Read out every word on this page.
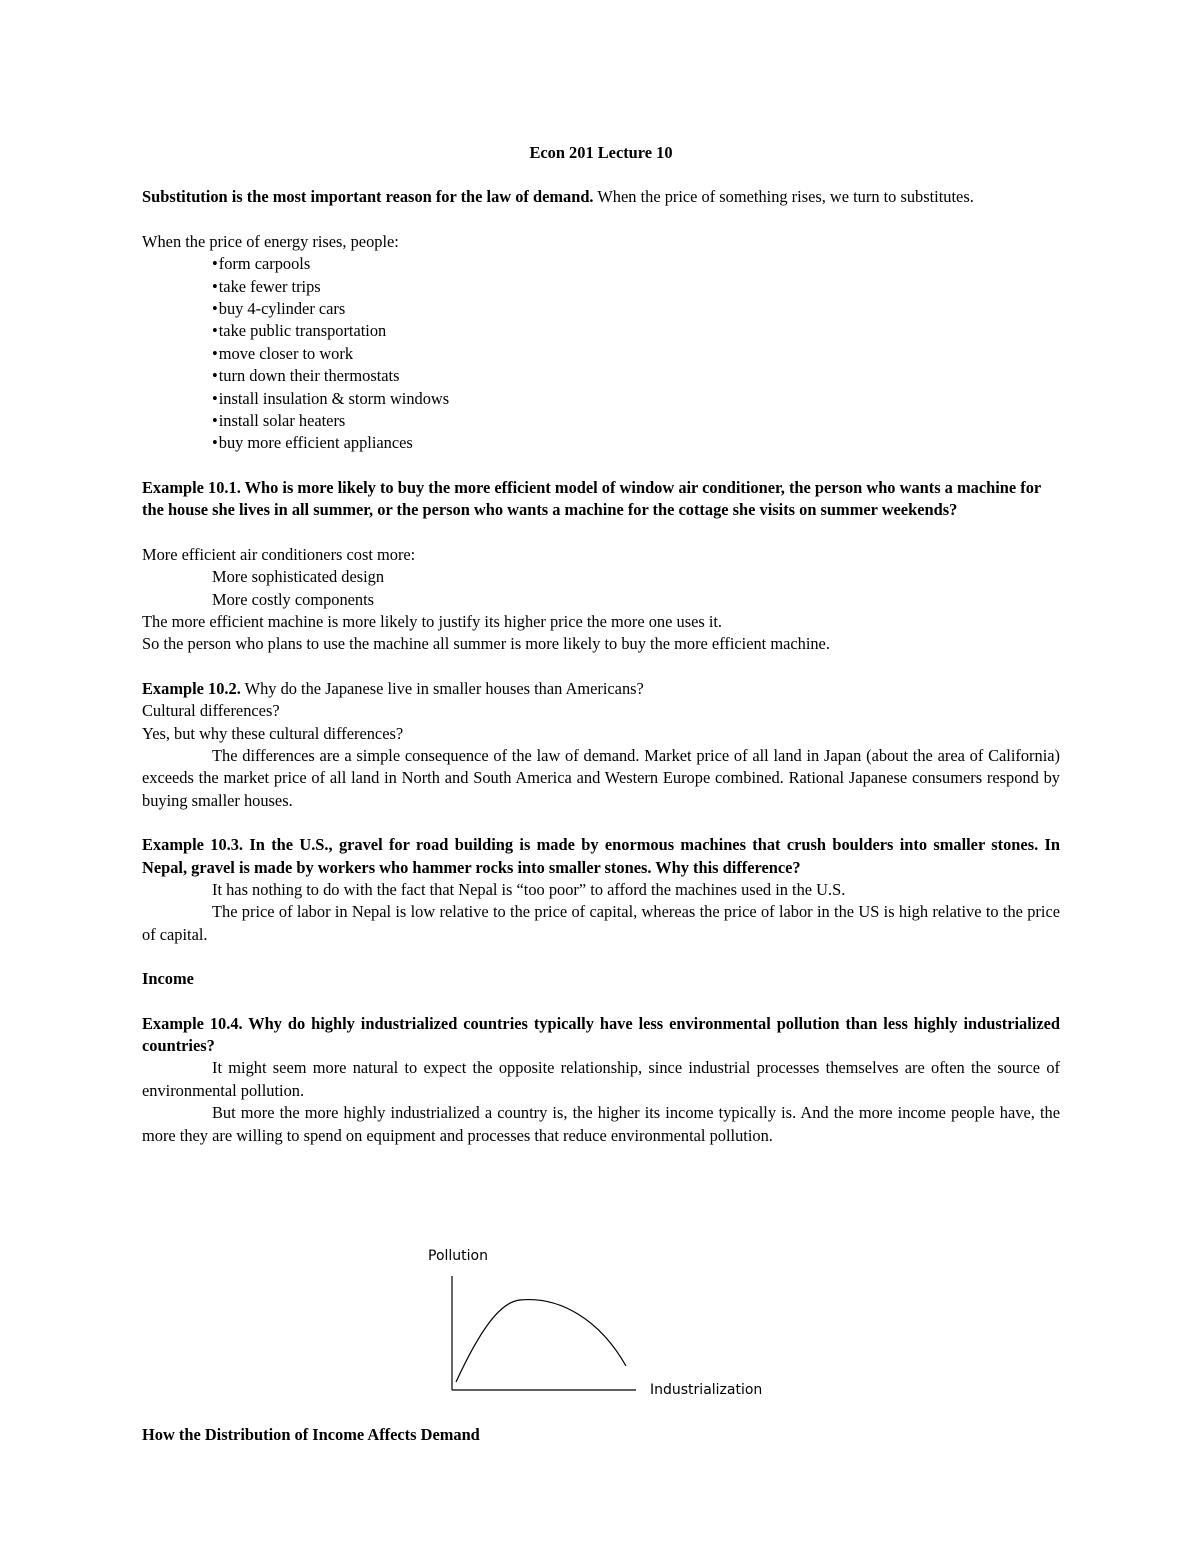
Econ 201 Lecture 10

Substitution is the most important reason for the law of demand. When the price of something rises, we turn to substitutes.

When the price of energy rises, people:

• form carpools
• take fewer trips
• buy 4-cylinder cars
• take public transportation
• move closer to work
• turn down their thermostats
• install insulation & storm windows
• install solar heaters
• buy more efficient appliances

Example 10.1. Who is more likely to buy the more efficient model of window air conditioner, the person who wants a machine for the house she lives in all summer, or the person who wants a machine for the cottage she visits on summer weekends?

More efficient air conditioners cost more:

More sophisticated design

More costly components

The more efficient machine is more likely to justify its higher price the more one uses it.

So the person who plans to use the machine all summer is more likely to buy the more efficient machine.

Example 10.2. Why do the Japanese live in smaller houses than Americans?

Cultural differences?

Yes, but why these cultural differences?

The differences are a simple consequence of the law of demand. Market price of all land in Japan (about the area of California) exceeds the market price of all land in North and South America and Western Europe combined. Rational Japanese consumers respond by buying smaller houses.

Example 10.3. In the U.S., gravel for road building is made by enormous machines that crush boulders into smaller stones. In Nepal, gravel is made by workers who hammer rocks into smaller stones. Why this difference?

It has nothing to do with the fact that Nepal is “too poor” to afford the machines used in the U.S.

The price of labor in Nepal is low relative to the price of capital, whereas the price of labor in the US is high relative to the price of capital.

Income

Example 10.4. Why do highly industrialized countries typically have less environmental pollution than less highly industrialized countries?

It might seem more natural to expect the opposite relationship, since industrial processes themselves are often the source of environmental pollution.

But more the more highly industrialized a country is, the higher its income typically is. And the more income people have, the more they are willing to spend on equipment and processes that reduce environmental pollution.

Pollution
Industrialization
How the Distribution of Income Affects Demand
